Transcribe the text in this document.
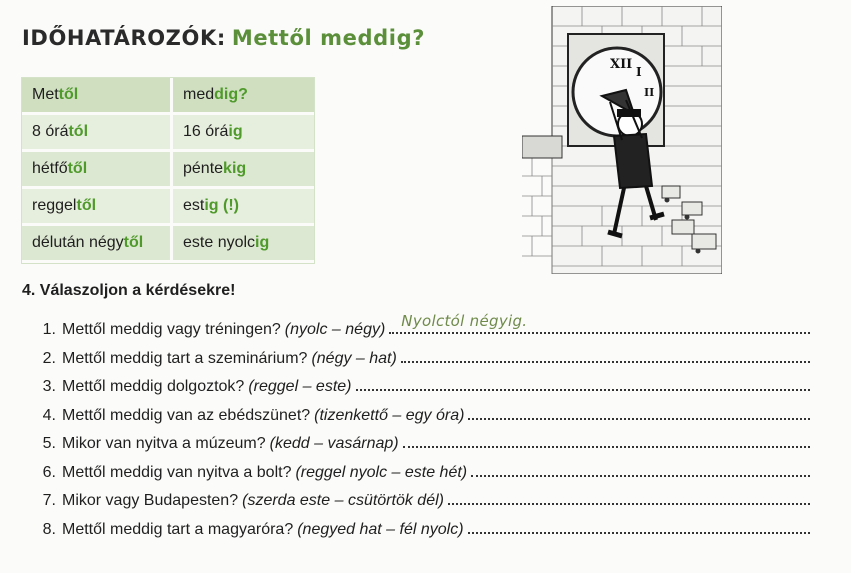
IDŐHATÁROZÓK: Mettől meddig?
Mettől	meddig?
8 órától	16 óráig
hétfőtől	péntekig
reggeltől	estig (!)
délután négytől	este nyolcig
XII I
II
4. Válaszoljon a kérdésekre!
1. Mettől meddig vagy tréningen? (nyolc – négy) Nyolctól négyig.
2. Mettől meddig tart a szeminárium? (négy – hat)
3. Mettől meddig dolgoztok? (reggel – este)
4. Mettől meddig van az ebédszünet? (tizenkettő – egy óra)
5. Mikor van nyitva a múzeum? (kedd – vasárnap)
6. Mettől meddig van nyitva a bolt? (reggel nyolc – este hét)
7. Mikor vagy Budapesten? (szerda este – csütörtök dél)
8. Mettől meddig tart a magyaróra? (negyed hat – fél nyolc)
